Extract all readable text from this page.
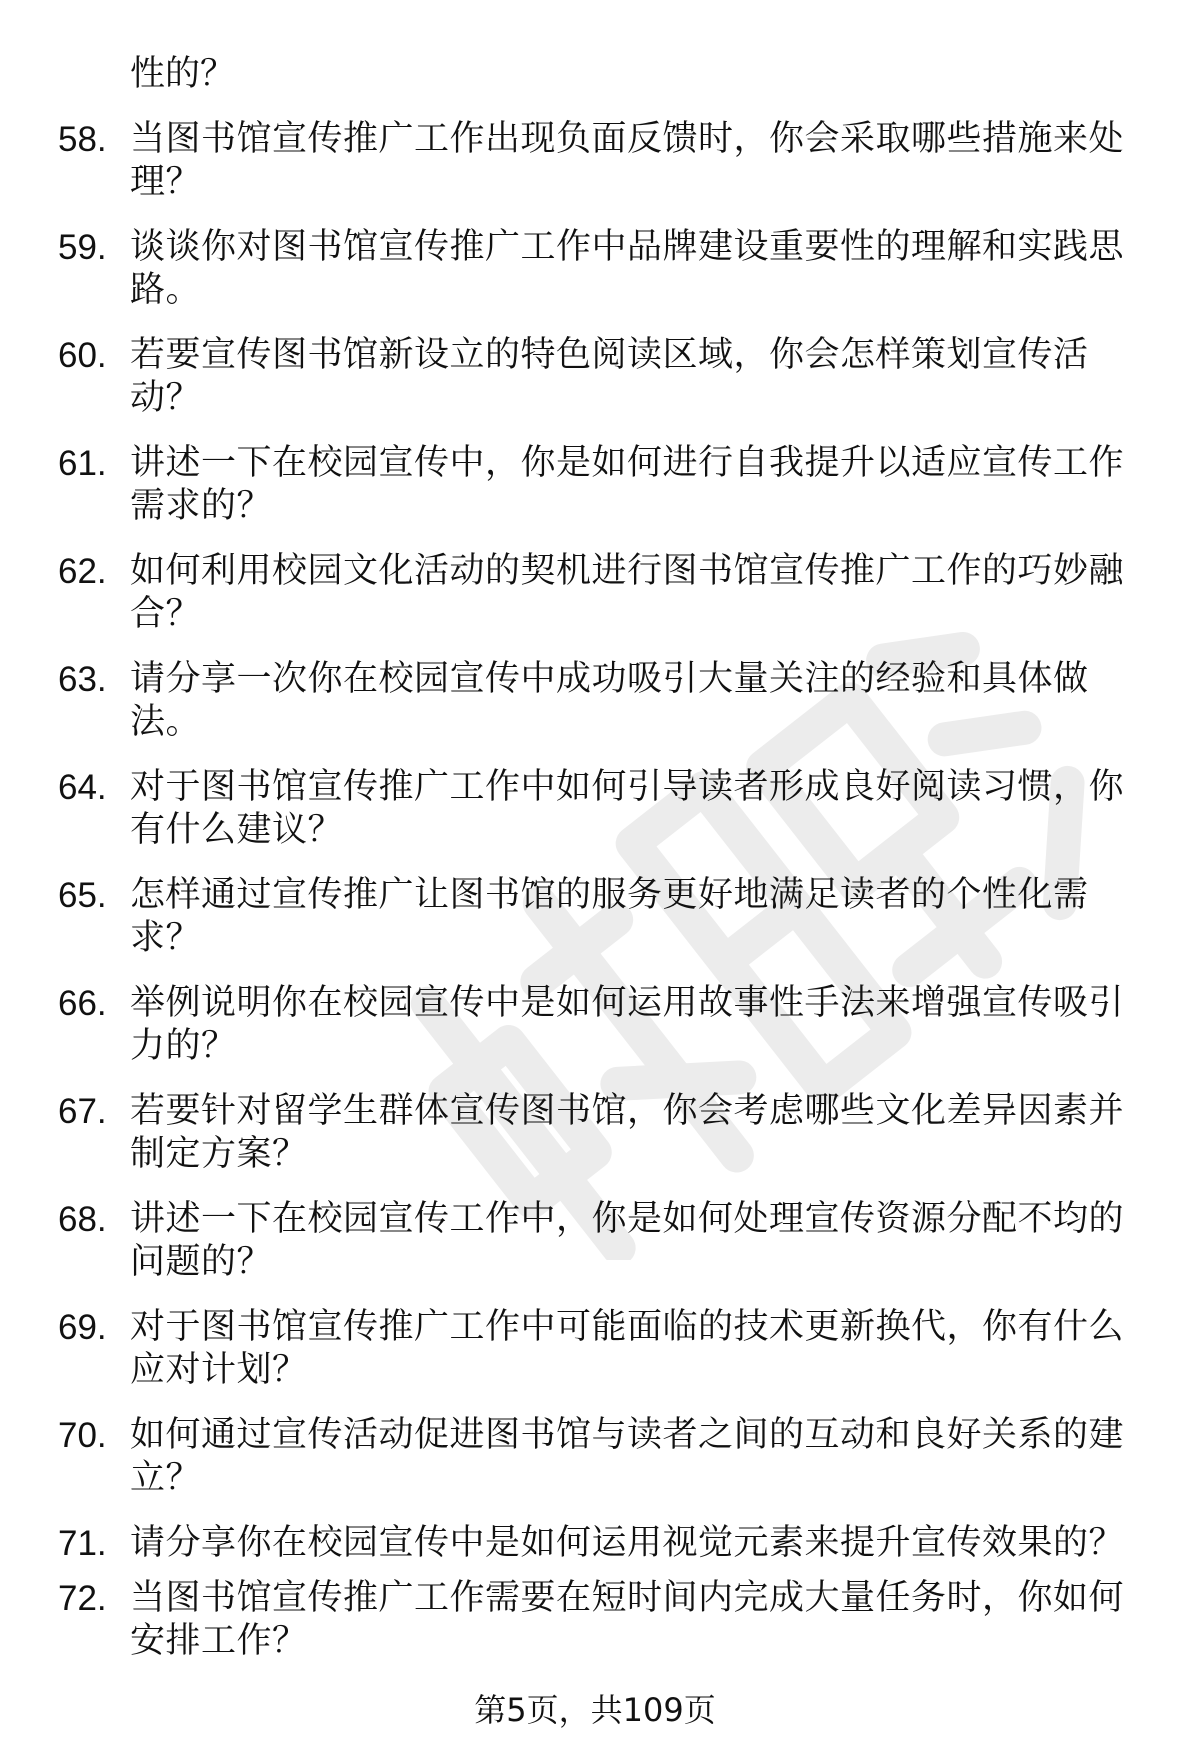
性的？

58. 当图书馆宣传推广工作出现负面反馈时，你会采取哪些措施来处理？
59. 谈谈你对图书馆宣传推广工作中品牌建设重要性的理解和实践思路。
60. 若要宣传图书馆新设立的特色阅读区域，你会怎样策划宣传活动？
61. 讲述一下在校园宣传中，你是如何进行自我提升以适应宣传工作需求的？
62. 如何利用校园文化活动的契机进行图书馆宣传推广工作的巧妙融合？
63. 请分享一次你在校园宣传中成功吸引大量关注的经验和具体做法。
64. 对于图书馆宣传推广工作中如何引导读者形成良好阅读习惯，你有什么建议？
65. 怎样通过宣传推广让图书馆的服务更好地满足读者的个性化需求？
66. 举例说明你在校园宣传中是如何运用故事性手法来增强宣传吸引力的？
67. 若要针对留学生群体宣传图书馆，你会考虑哪些文化差异因素并制定方案？
68. 讲述一下在校园宣传工作中，你是如何处理宣传资源分配不均的问题的？
69. 对于图书馆宣传推广工作中可能面临的技术更新换代，你有什么应对计划？
70. 如何通过宣传活动促进图书馆与读者之间的互动和良好关系的建立？
71. 请分享你在校园宣传中是如何运用视觉元素来提升宣传效果的？
72. 当图书馆宣传推广工作需要在短时间内完成大量任务时，你如何安排工作？
第5页，共109页
